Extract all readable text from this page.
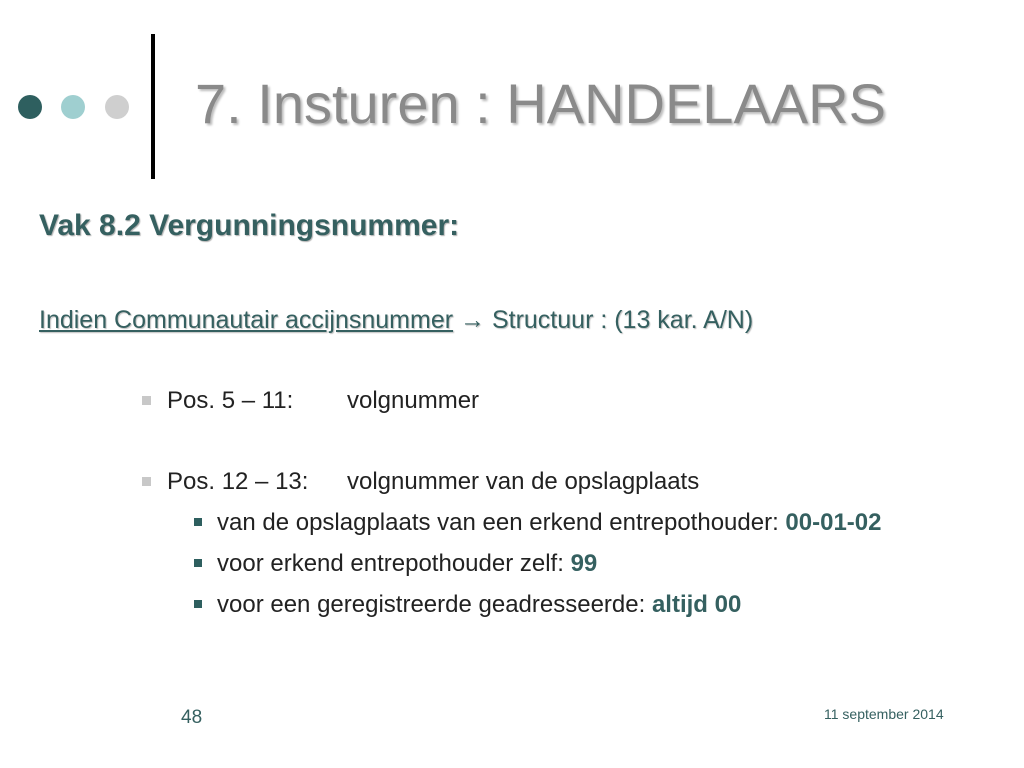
7. Insturen : HANDELAARS
Vak 8.2 Vergunningsnummer:
Indien Communautair accijnsnummer → Structuur : (13 kar. A/N)
Pos. 5 – 11: volgnummer
Pos. 12 – 13: volgnummer van de opslagplaats
van de opslagplaats van een erkend entrepothouder: 00-01-02
voor erkend entrepothouder zelf: 99
voor een geregistreerde geadresseerde: altijd 00
48	11 september 2014
